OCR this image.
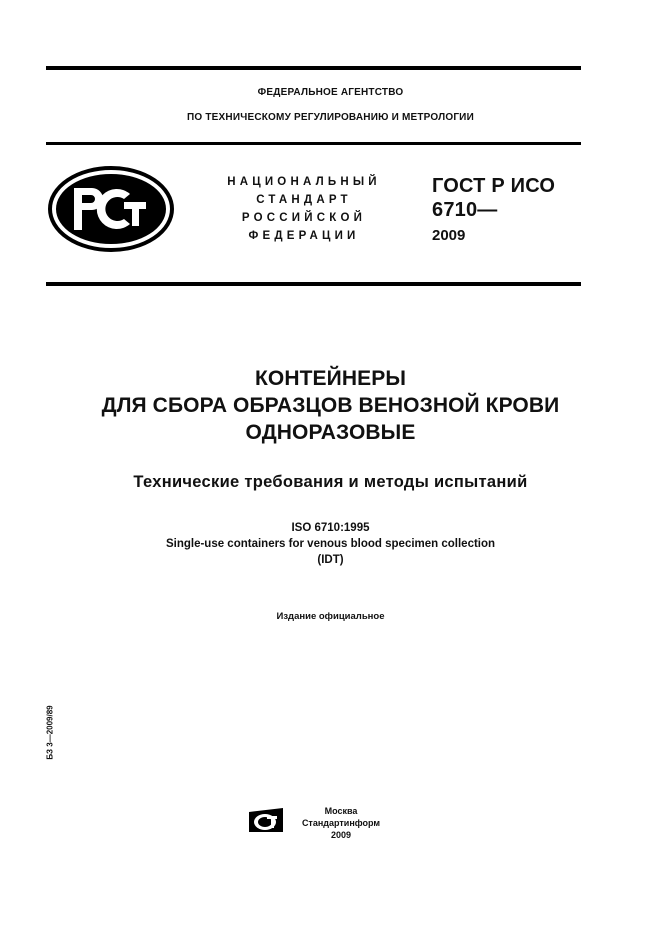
ФЕДЕРАЛЬНОЕ АГЕНТСТВО
ПО ТЕХНИЧЕСКОМУ РЕГУЛИРОВАНИЮ И МЕТРОЛОГИИ
НАЦИОНАЛЬНЫЙ
СТАНДАРТ
РОССИЙСКОЙ
ФЕДЕРАЦИИ
ГОСТ Р ИСО
6710—
2009
КОНТЕЙНЕРЫ
ДЛЯ СБОРА ОБРАЗЦОВ ВЕНОЗНОЙ КРОВИ
ОДНОРАЗОВЫЕ
Технические требования и методы испытаний
ISO 6710:1995
Single-use containers for venous blood specimen collection
(IDT)
Издание официальное
БЗ 3—2009/89
Москва
Стандартинформ
2009
